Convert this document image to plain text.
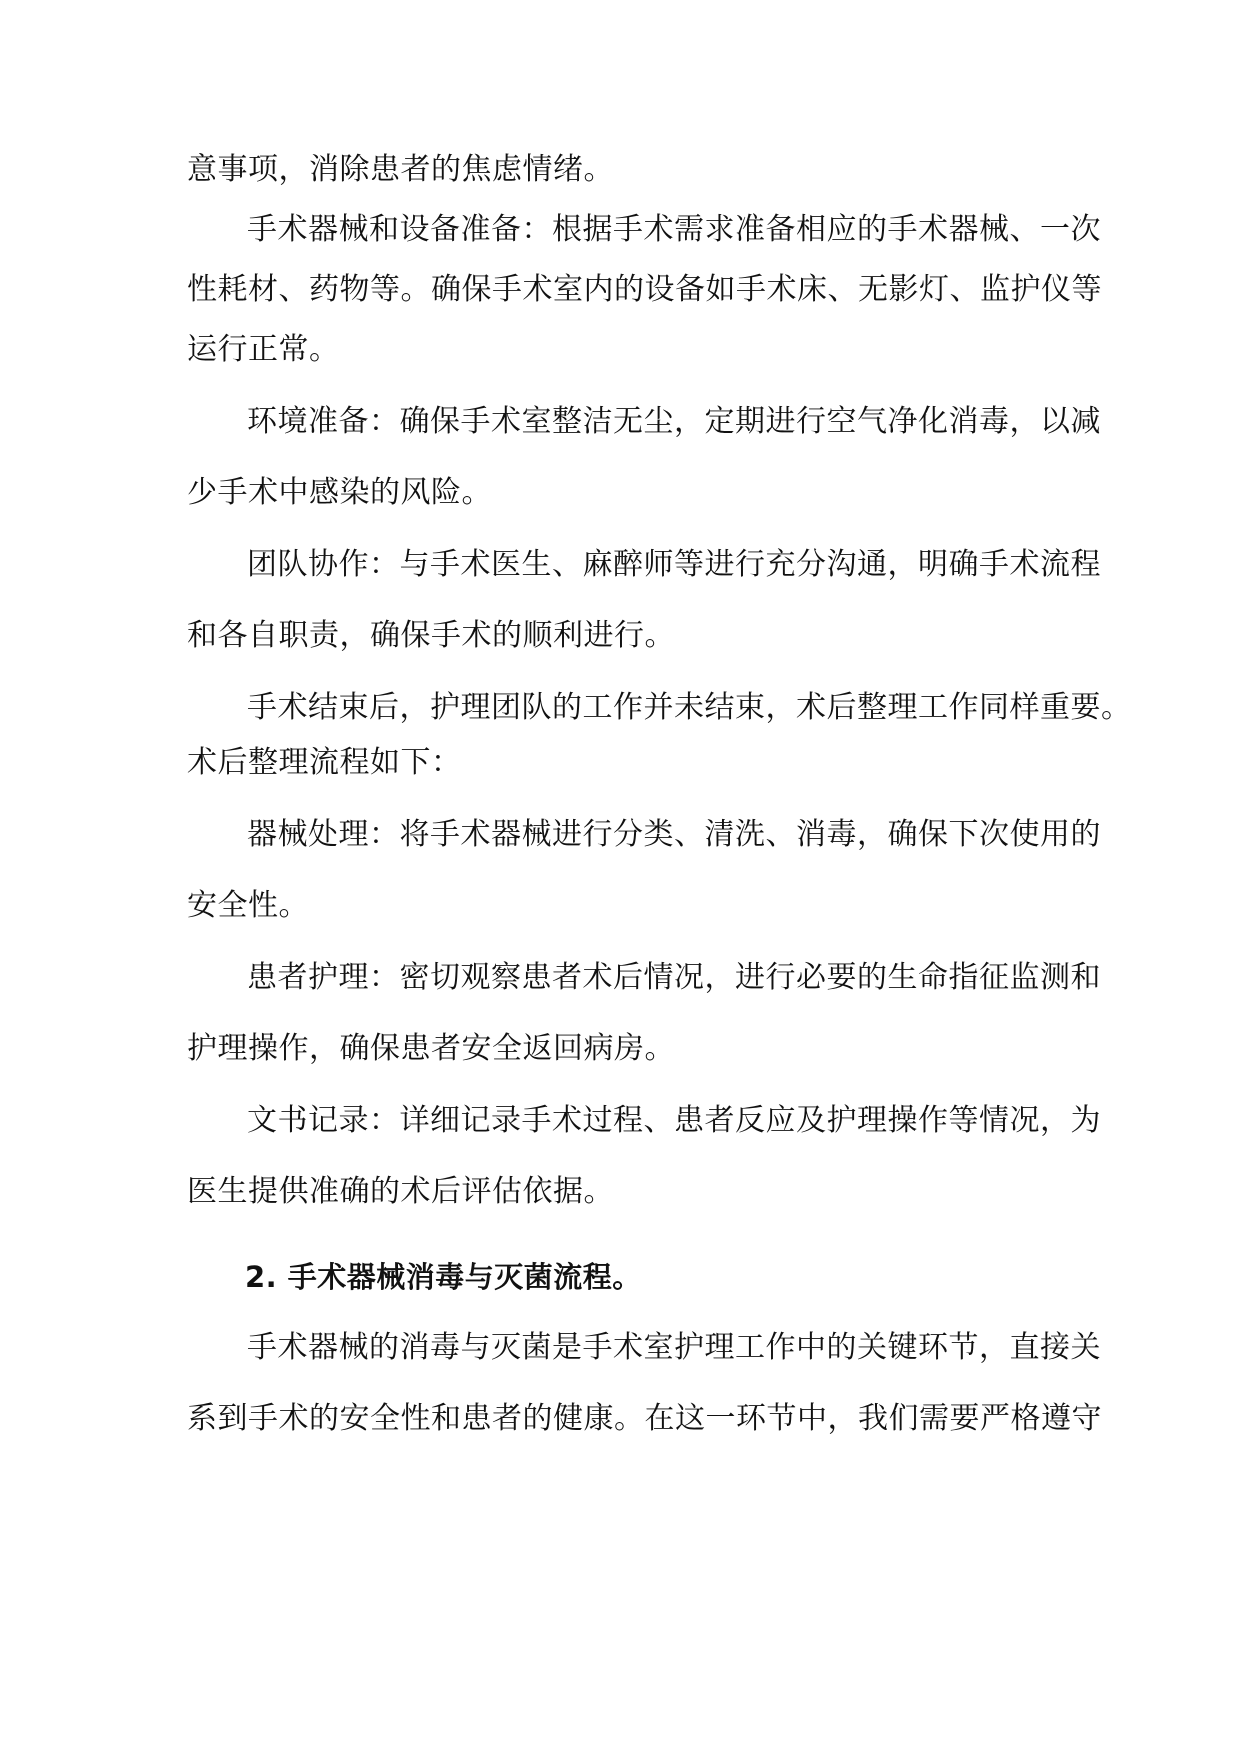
意事项，消除患者的焦虑情绪。
手术器械和设备准备：根据手术需求准备相应的手术器械、一次
性耗材、药物等。确保手术室内的设备如手术床、无影灯、监护仪等
运行正常。
环境准备：确保手术室整洁无尘，定期进行空气净化消毒，以减
少手术中感染的风险。
团队协作：与手术医生、麻醉师等进行充分沟通，明确手术流程
和各自职责，确保手术的顺利进行。
手术结束后，护理团队的工作并未结束，术后整理工作同样重要。
术后整理流程如下：
器械处理：将手术器械进行分类、清洗、消毒，确保下次使用的
安全性。
患者护理：密切观察患者术后情况，进行必要的生命指征监测和
护理操作，确保患者安全返回病房。
文书记录：详细记录手术过程、患者反应及护理操作等情况，为
医生提供准确的术后评估依据。
2. 手术器械消毒与灭菌流程。
手术器械的消毒与灭菌是手术室护理工作中的关键环节，直接关
系到手术的安全性和患者的健康。在这一环节中，我们需要严格遵守
